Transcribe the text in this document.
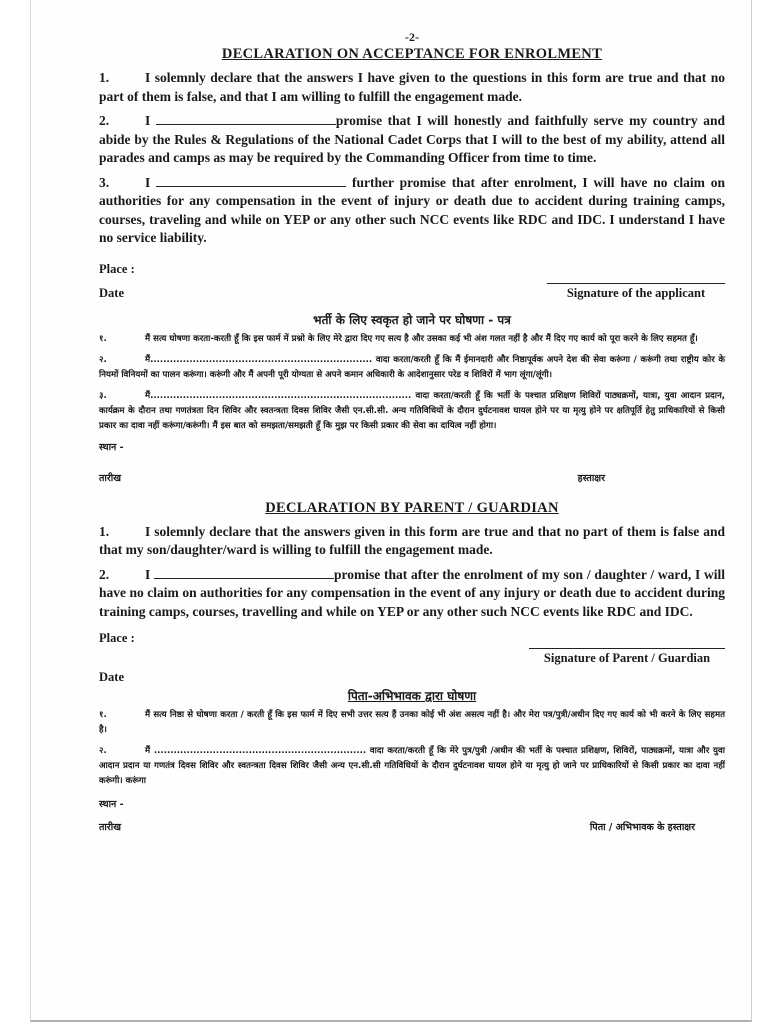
-2-

DECLARATION ON ACCEPTANCE FOR ENROLMENT

1.	I solemnly declare that the answers I have given to the questions in this form are true and that no part of them is false, and that I am willing to fulfill the engagement made.

2.	I	promise that I will honestly and faithfully serve my country and abide by the Rules & Regulations of the National Cadet Corps that I will to the best of my ability, attend all parades and camps as may be required by the Commanding Officer from time to time.

3.	I	further promise that after enrolment, I will have no claim on authorities for any compensation in the event of injury or death due to accident during training camps, courses, traveling and while on YEP or any other such NCC events like RDC and IDC. I understand I have no service liability.

Place :

Date	Signature of the applicant

भर्ती के लिए स्वकृत हो जाने पर घोषणा - पत्र

१.	मैं सत्य घोषणा करता-करती हूँ कि इस फार्म में प्रश्नो के लिए मेरे द्वारा दिए गए सत्य है और उसका कई भी अंश गलत नहीं है और मैं दिए गए कार्य को पूरा करने के लिए सहमत हूँ।

२.	मैं.................................................................... वादा करता/करती हूँ कि मैं ईमानदारी और निष्ठापूर्वक अपने देश की सेवा करूंगा / करूंगी तथा राष्ट्रीय कोर के नियमों विनियमों का पालन करूंगा। करूंगी और मैं अपनी पूरी योग्यता से अपने कमान अधिकारी के आदेशानुसार परेड व शिविरों में भाग लूंगा/लूंगी।

३.	मैं................................................................................ वादा करता/करती हूँ कि भर्ती के पश्चात प्रशिक्षण शिविरों पाठ्यक्रमों, यात्रा, युवा आदान प्रदान, कार्यक्रम के दौरान तथा गणतंत्रता दिन शिविर और स्वतन्त्रता दिवस शिविर जैसी एन.सी.सी. अन्य गतिविधियों के दौरान दुर्घटनावश घायल होने पर या मृत्यु होने पर क्षतिपूर्ति हेतु प्राधिकारियों से किसी प्रकार का दावा नहीं करूंगा/करूंगी। मैं इस बात को समझता/समझती हूँ कि मुझ पर किसी प्रकार की सेवा का दायित्व नहीं होगा।

स्थान -

तारीख	हस्ताक्षर

DECLARATION BY PARENT / GUARDIAN

1.	I solemnly declare that the answers given in this form are true and that no part of them is false and that my son/daughter/ward is willing to fulfill the engagement made.

2.	I	promise that after the enrolment of my son / daughter / ward, I will have no claim on authorities for any compensation in the event of any injury or death due to accident during training camps, courses, travelling and while on YEP or any other such NCC events like RDC and IDC.

Place :

Signature of Parent / Guardian

Date

पिता-अभिभावक द्वारा घोषणा

१.	मैं सत्य निष्ठा से घोषणा करता / करती हूँ कि इस फार्म में दिए सभी उत्तर सत्य हैं उनका कोई भी अंश असत्य नहीं है। और मेरा पत्र/पुत्री/अधीन दिए गए कार्य को भी करने के लिए सहमत है।

२.	मैं ................................................................. वादा करता/करती हूँ कि मेरे पुत्र/पुत्री /अधीन की भर्ती के पश्चात प्रशिक्षण, शिविरों, पाठ्यक्रमों, यात्रा और युवा आदान प्रदान या गणतंत्र दिवस शिविर और स्वतन्त्रता दिवस शिविर जैसी अन्य एन.सी.सी गतिविधियों के दौरान दुर्घटनावश घायल होने या मृत्यु हो जाने पर प्राधिकारियों से किसी प्रकार का दावा नहीं करूंगी। करूंगा

स्थान -

तारीख	पिता / अभिभावक के हस्ताक्षर
